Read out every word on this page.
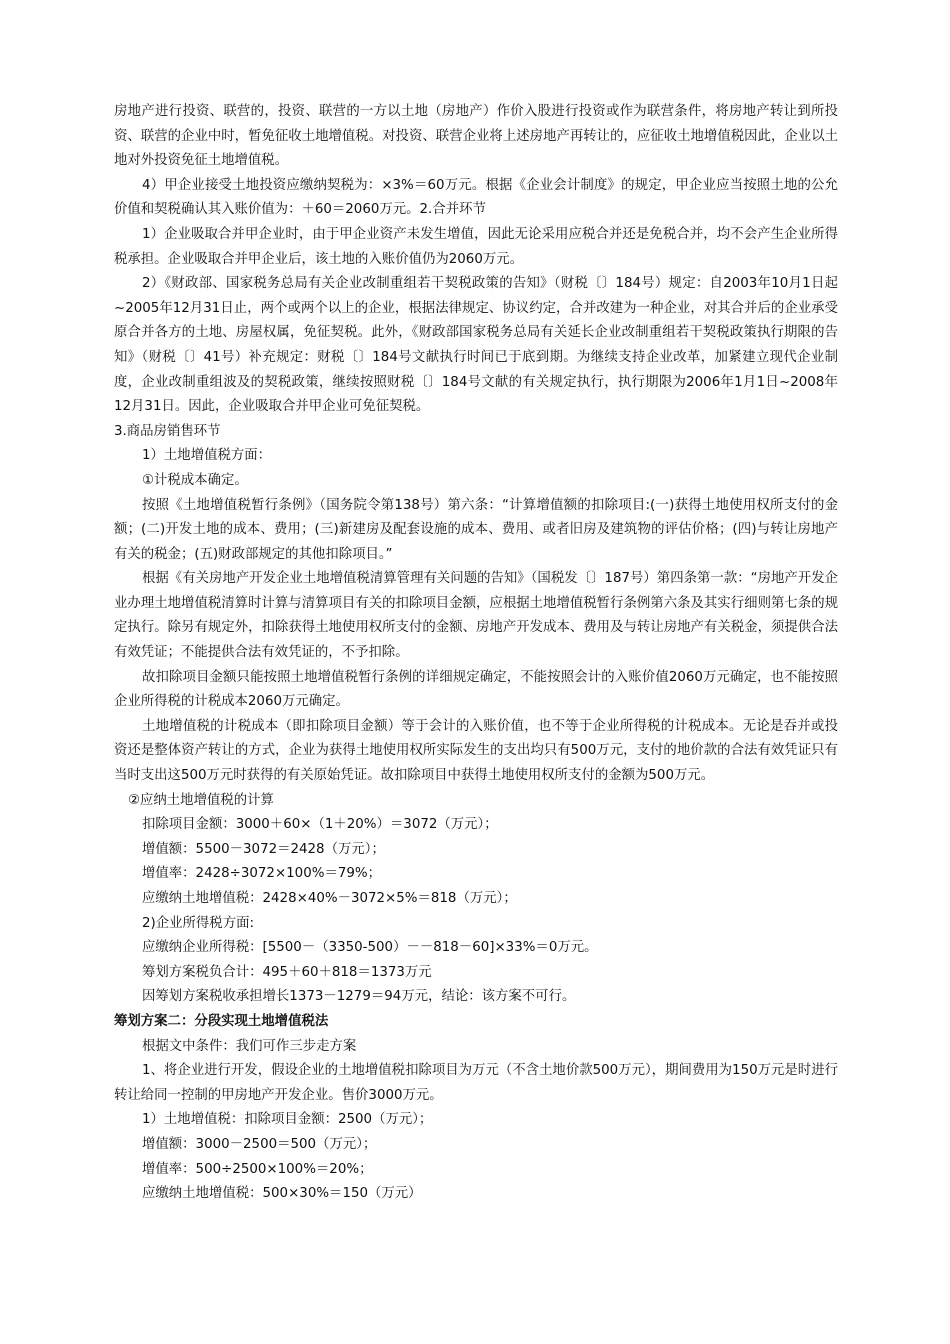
房地产进行投资、联营的，投资、联营的一方以土地（房地产）作价入股进行投资或作为联营条件，将房地产转让到所投资、联营的企业中时，暂免征收土地增值税。对投资、联营企业将上述房地产再转让的，应征收土地增值税因此，企业以土地对外投资免征土地增值税。

4）甲企业接受土地投资应缴纳契税为：×3%＝60万元。根据《企业会计制度》的规定，甲企业应当按照土地的公允价值和契税确认其入账价值为：＋60＝2060万元。2.合并环节

1）企业吸取合并甲企业时，由于甲企业资产未发生增值，因此无论采用应税合并还是免税合并，均不会产生企业所得税承担。企业吸取合并甲企业后，该土地的入账价值仍为2060万元。

2）《财政部、国家税务总局有关企业改制重组若干契税政策的告知》（财税〔〕184号）规定：自2003年10月1日起~2005年12月31日止，两个或两个以上的企业，根据法律规定、协议约定，合并改建为一种企业，对其合并后的企业承受原合并各方的土地、房屋权属，免征契税。此外，《财政部国家税务总局有关延长企业改制重组若干契税政策执行期限的告知》（财税〔〕41号）补充规定：财税〔〕184号文献执行时间已于底到期。为继续支持企业改革，加紧建立现代企业制度，企业改制重组波及的契税政策，继续按照财税〔〕184号文献的有关规定执行，执行期限为2006年1月1日~2008年12月31日。因此，企业吸取合并甲企业可免征契税。

3.商品房销售环节

1）土地增值税方面：

①计税成本确定。

按照《土地增值税暂行条例》（国务院令第138号）第六条：“计算增值额的扣除项目:(一)获得土地使用权所支付的金额；(二)开发土地的成本、费用；(三)新建房及配套设施的成本、费用、或者旧房及建筑物的评估价格；(四)与转让房地产有关的税金；(五)财政部规定的其他扣除项目。”

根据《有关房地产开发企业土地增值税清算管理有关问题的告知》（国税发〔〕187号）第四条第一款：“房地产开发企业办理土地增值税清算时计算与清算项目有关的扣除项目金额，应根据土地增值税暂行条例第六条及其实行细则第七条的规定执行。除另有规定外，扣除获得土地使用权所支付的金额、房地产开发成本、费用及与转让房地产有关税金，须提供合法有效凭证；不能提供合法有效凭证的，不予扣除。

故扣除项目金额只能按照土地增值税暂行条例的详细规定确定，不能按照会计的入账价值2060万元确定，也不能按照企业所得税的计税成本2060万元确定。

土地增值税的计税成本（即扣除项目金额）等于会计的入账价值，也不等于企业所得税的计税成本。无论是吞并或投资还是整体资产转让的方式，企业为获得土地使用权所实际发生的支出均只有500万元，支付的地价款的合法有效凭证只有当时支出这500万元时获得的有关原始凭证。故扣除项目中获得土地使用权所支付的金额为500万元。

②应纳土地增值税的计算

扣除项目金额：3000＋60×（1＋20%）＝3072（万元）；

增值额：5500－3072＝2428（万元）；

增值率：2428÷3072×100%＝79%；

应缴纳土地增值税：2428×40%－3072×5%＝818（万元）；

2)企业所得税方面:

应缴纳企业所得税：[5500－（3350-500）－－818－60]×33%＝0万元。

筹划方案税负合计：495＋60＋818＝1373万元

因筹划方案税收承担增长1373－1279＝94万元，结论：该方案不可行。

筹划方案二：分段实现土地增值税法

根据文中条件：我们可作三步走方案

1、将企业进行开发，假设企业的土地增值税扣除项目为万元（不含土地价款500万元），期间费用为150万元是时进行转让给同一控制的甲房地产开发企业。售价3000万元。

1）土地增值税：扣除项目金额：2500（万元）；

增值额：3000－2500＝500（万元）；

增值率：500÷2500×100%＝20%；

应缴纳土地增值税：500×30%＝150（万元）
